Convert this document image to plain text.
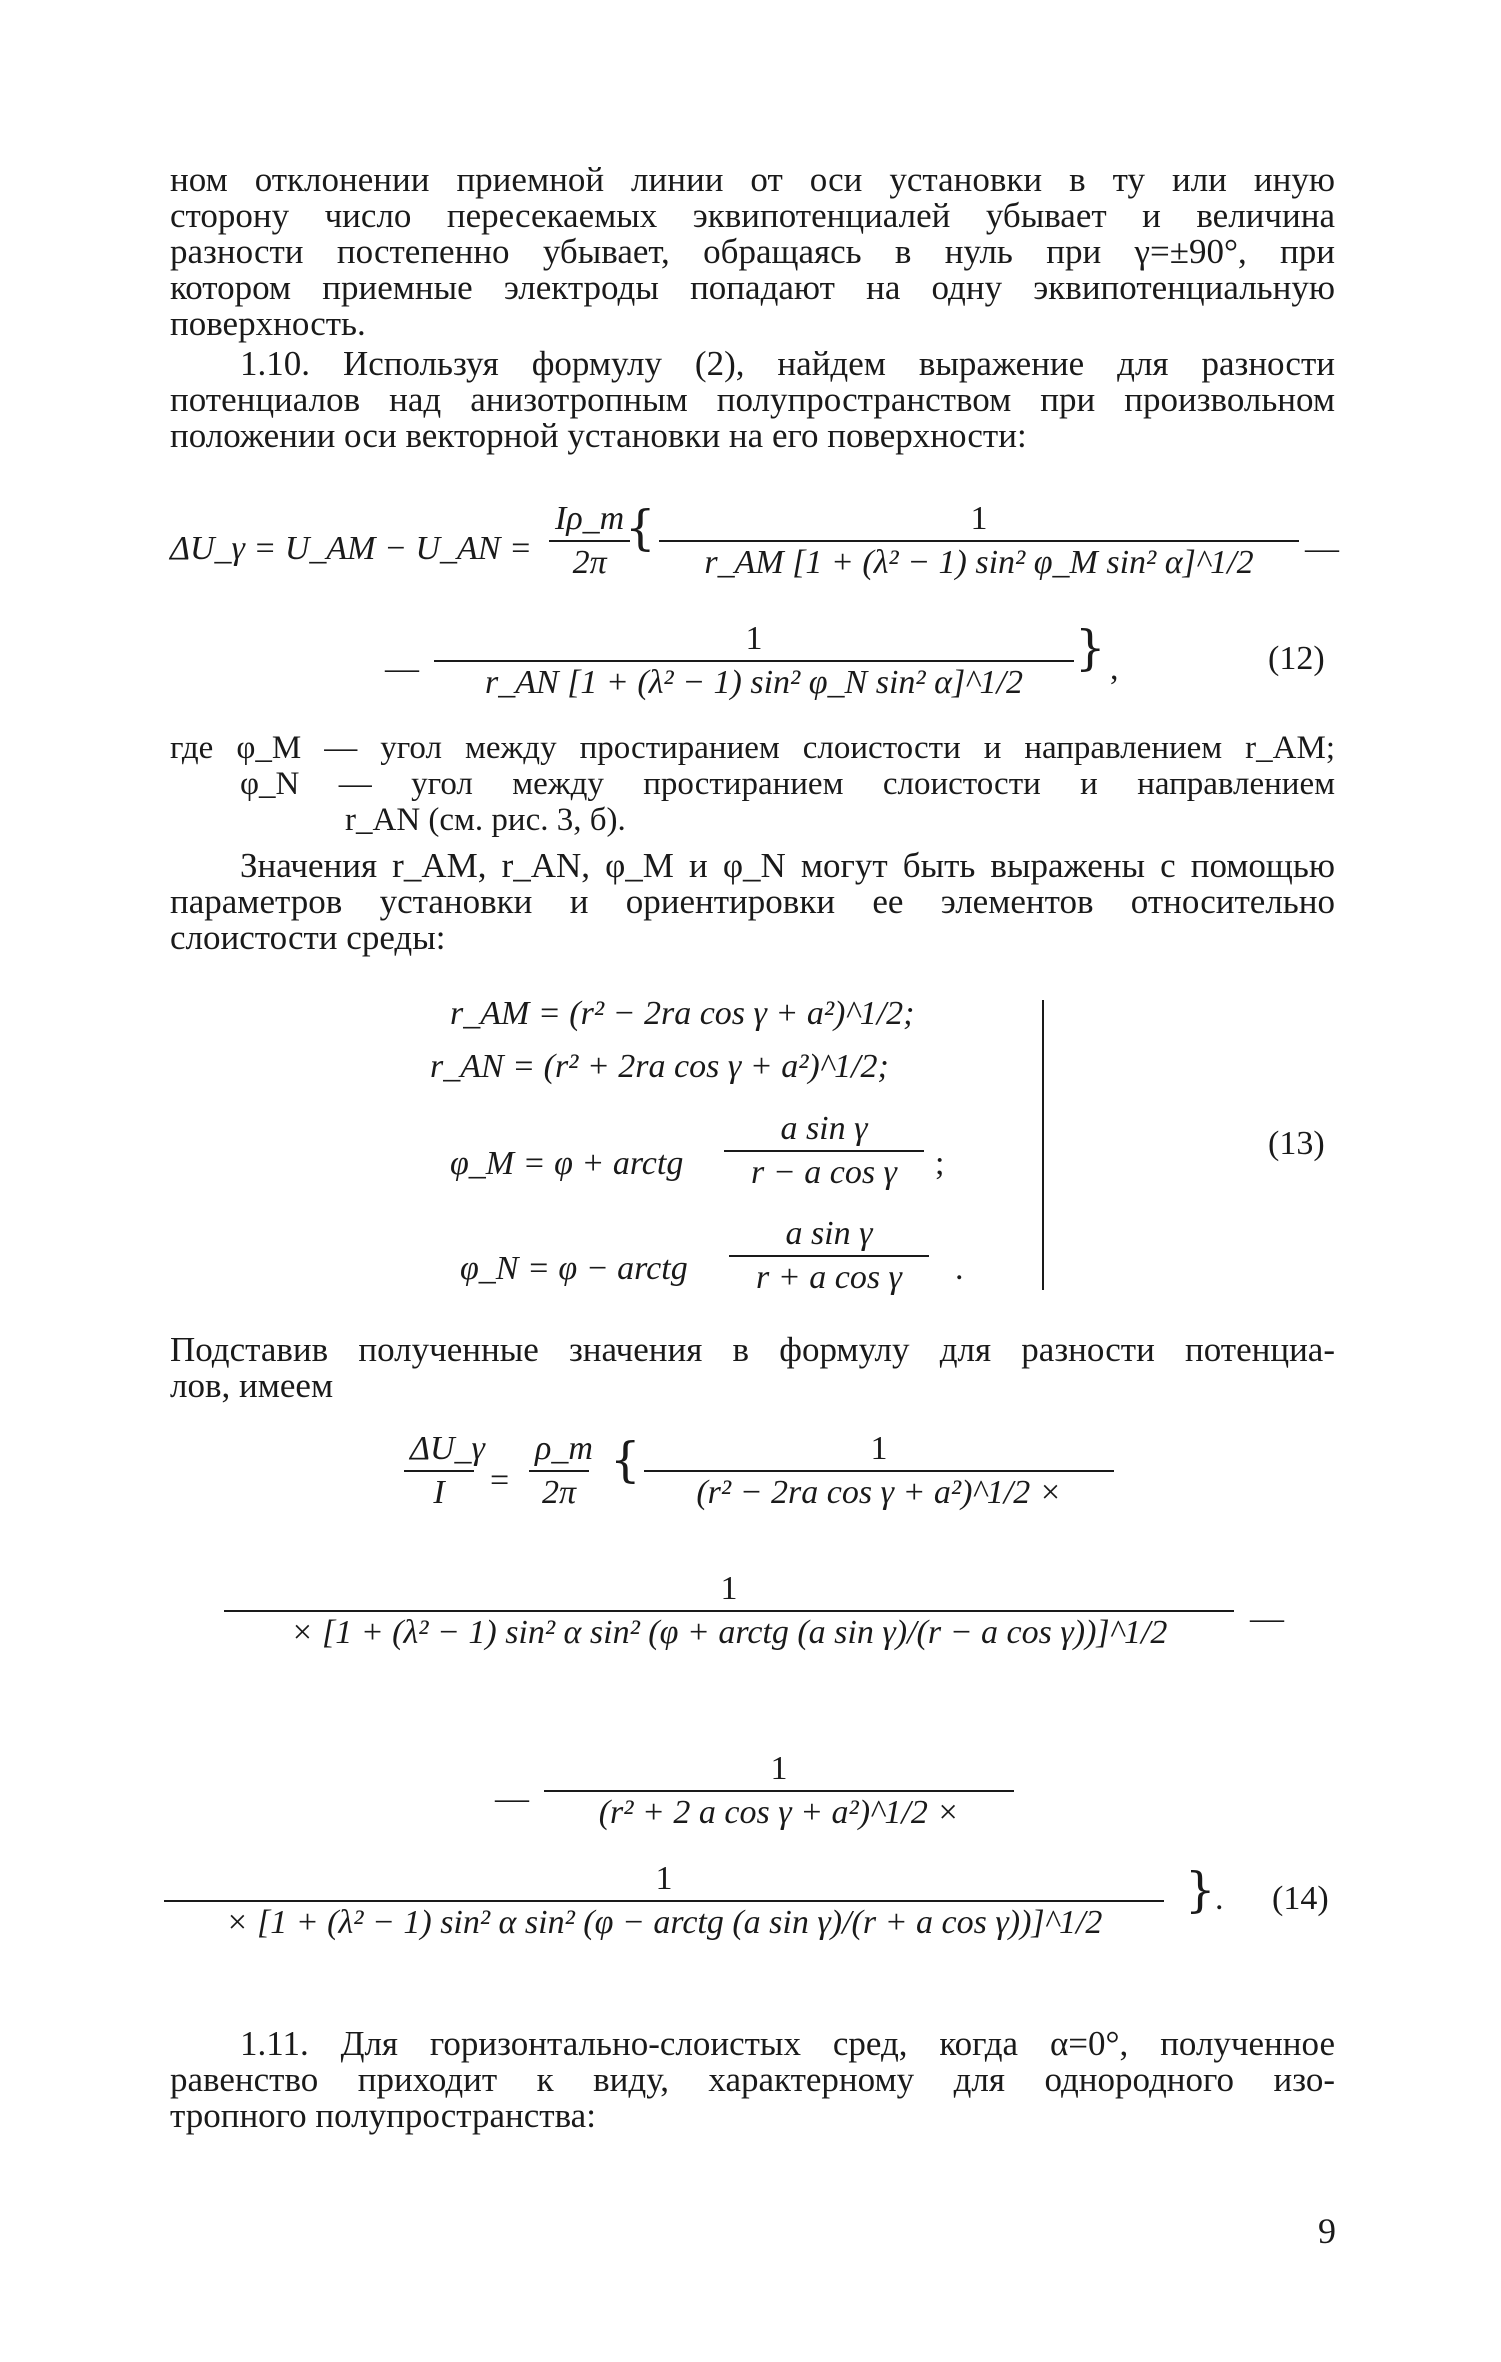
ном отклонении приемной линии от оси установки в ту или иную
сторону число пересекаемых эквипотенциалей убывает и величина
разности постепенно убывает, обращаясь в нуль при γ=±90°, при
котором приемные электроды попадают на одну эквипотенциальную
поверхность.
1.10. Используя формулу (2), найдем выражение для разности
потенциалов над анизотропным полупространством при произвольном
положении оси векторной установки на его поверхности:
ΔU_γ = U_AM − U_AN = $\frac{I\rho\_m}{2\pi}$
{ $\frac{1}{\text{r\_AM [1 + (λ² − 1) sin² φ\_M sin² α]\textasciicircum{}1/2}}$ —
— $\frac{1}{\text{r\_AN [1 + (λ² − 1) sin² φ\_N sin² α]\textasciicircum{}1/2}}$ } ,	(12)
где φ_M — угол между простиранием слоистости и направлением r_AM;
φ_N — угол между простиранием слоистости и направлением
r_AN (см. рис. 3, б).
Значения r_AM, r_AN, φ_M и φ_N могут быть выражены с помощью
параметров установки и ориентировки ее элементов относительно
слоистости среды:
r_AM = (r² − 2ra cos γ + a²)^1/2;
r_AN = (r² + 2ra cos γ + a²)^1/2;
φ_M = φ + arctg $\frac{\text{a sin γ}}{\text{r − a cos γ}}$ ;
φ_N = φ − arctg $\frac{\text{a sin γ}}{\text{r + a cos γ}}$ .
(13)
Подставив полученные значения в формулу для разности потенциа-
лов, имеем
$\frac{\Delta U\_\gamma}{I} = \frac{\rho\_m}{2\pi}$ { $\frac{1}{\text{(r² − 2ra cos γ + a²)\textasciicircum{}1/2 ×}}$
1
× [1 + (λ² − 1) sin² α sin² (φ + arctg (a sin γ)/(r − a cos γ))]^1/2	—
— $\frac{1}{\text{(r² + 2 a cos γ + a²)\textasciicircum{}1/2 ×}}$
1
× [1 + (λ² − 1) sin² α sin² (φ − arctg (a sin γ)/(r + a cos γ))]^1/2
} . (14)
1.11. Для горизонтально-слоистых сред, когда α=0°, полученное
равенство приходит к виду, характерному для однородного изо-
тропного полупространства:
9
